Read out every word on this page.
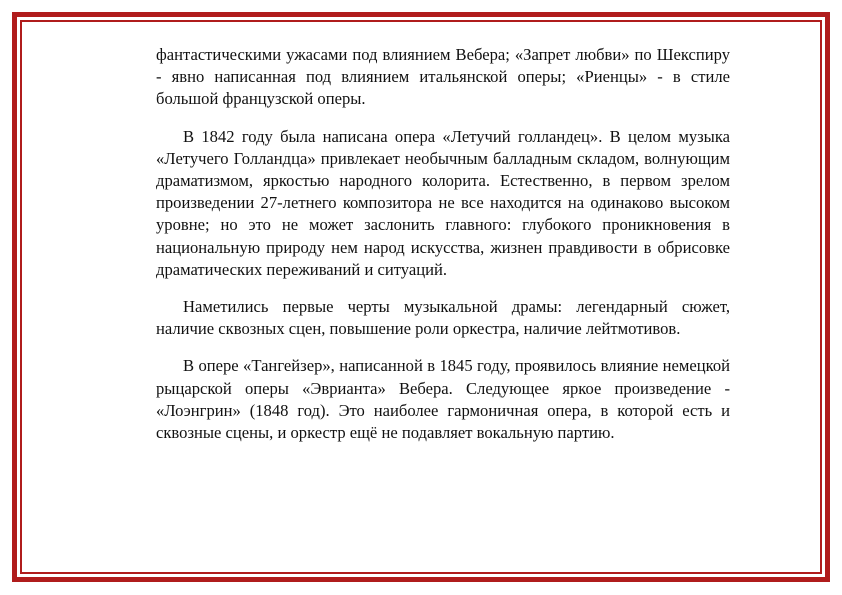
фантастическими ужасами под влиянием Вебера; «Запрет любви» по Шекспиру - явно написанная под влиянием итальянской оперы; «Риенцы» - в стиле большой французской оперы.

В 1842 году была написана опера «Летучий голландец». В целом музыка «Летучего Голландца» привлекает необычным балладным складом, волнующим драматизмом, яркостью народного колорита. Естественно, в первом зрелом произведении 27-летнего композитора не все находится на одинаково высоком уровне; но это не может заслонить главного: глубокого проникновения в национальную природу нем народ искусства, жизнен правдивости в обрисовке драматических переживаний и ситуаций.

Наметились первые черты музыкальной драмы: легендарный сюжет, наличие сквозных сцен, повышение роли оркестра, наличие лейтмотивов.

В опере «Тангейзер», написанной в 1845 году, проявилось влияние немецкой рыцарской оперы «Эврианта» Вебера. Следующее яркое произведение - «Лоэнгрин» (1848 год). Это наиболее гармоничная опера, в которой есть и сквозные сцены, и оркестр ещё не подавляет вокальную партию.
